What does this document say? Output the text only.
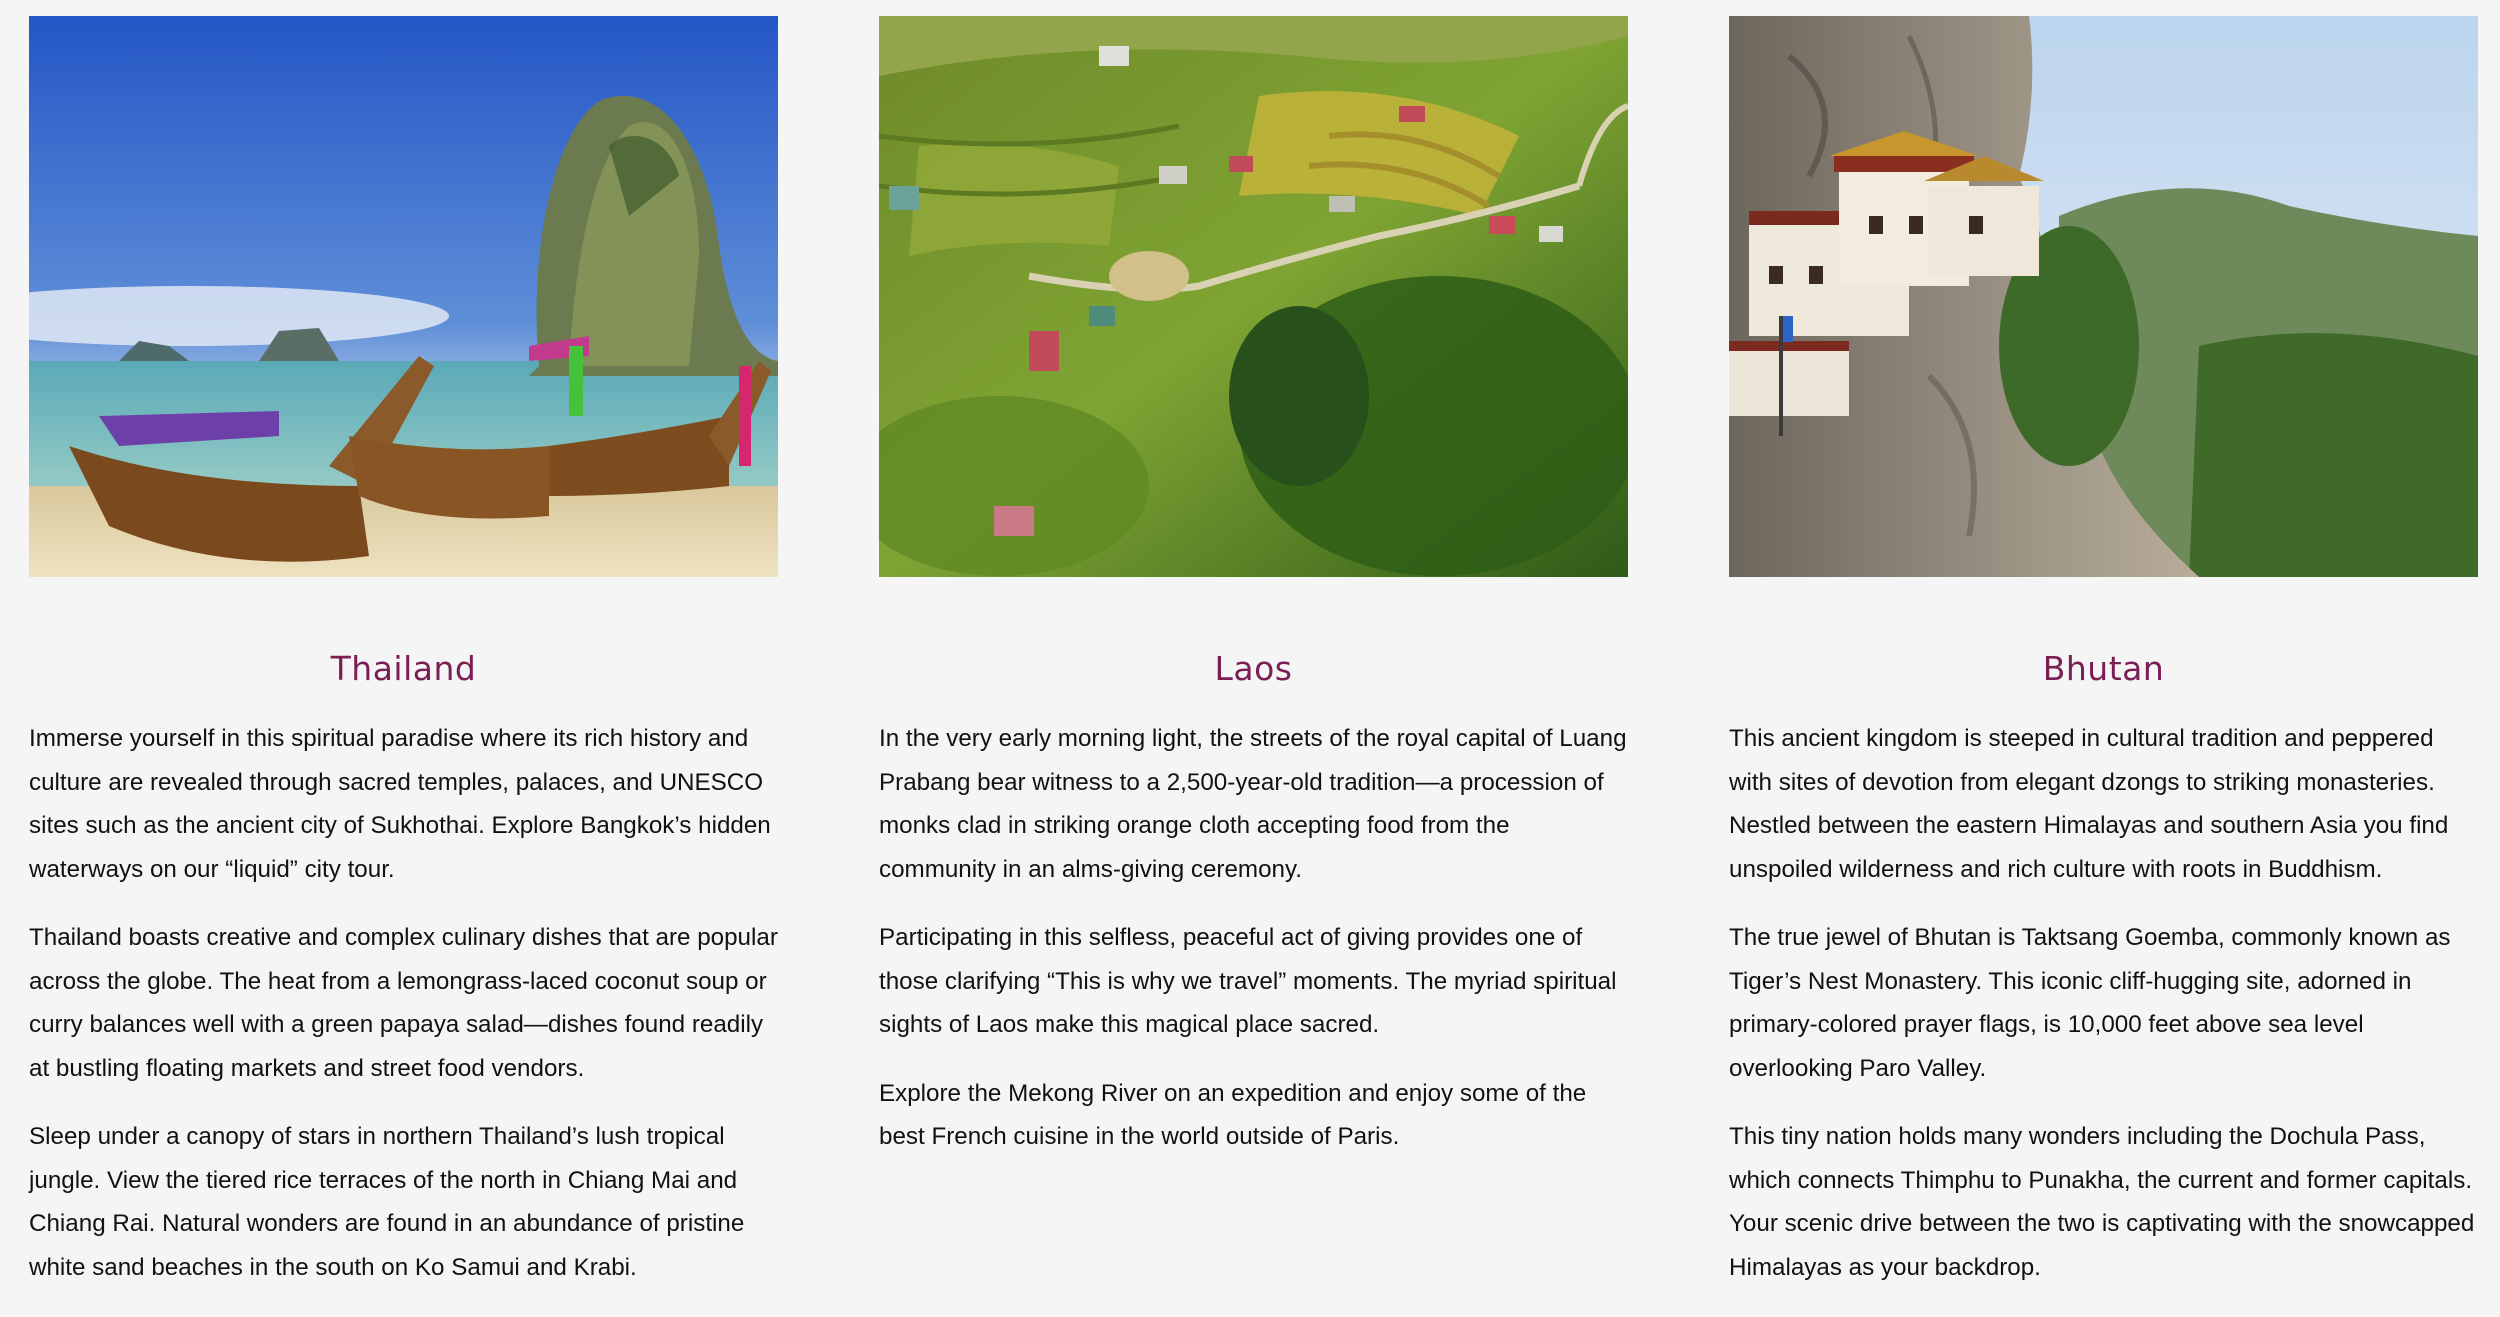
Thailand

Immerse yourself in this spiritual paradise where its rich history and culture are revealed through sacred temples, palaces, and UNESCO sites such as the ancient city of Sukhothai. Explore Bangkok’s hidden waterways on our “liquid” city tour.

Thailand boasts creative and complex culinary dishes that are popular across the globe. The heat from a lemongrass-laced coconut soup or curry balances well with a green papaya salad—dishes found readily at bustling floating markets and street food vendors.

Sleep under a canopy of stars in northern Thailand’s lush tropical jungle. View the tiered rice terraces of the north in Chiang Mai and Chiang Rai. Natural wonders are found in an abundance of pristine white sand beaches in the south on Ko Samui and Krabi.

Laos

In the very early morning light, the streets of the royal capital of Luang Prabang bear witness to a 2,500-year-old tradition—a procession of monks clad in striking orange cloth accepting food from the community in an alms-giving ceremony.

Participating in this selfless, peaceful act of giving provides one of those clarifying “This is why we travel” moments. The myriad spiritual sights of Laos make this magical place sacred.

Explore the Mekong River on an expedition and enjoy some of the best French cuisine in the world outside of Paris.

Bhutan

This ancient kingdom is steeped in cultural tradition and peppered with sites of devotion from elegant dzongs to striking monasteries. Nestled between the eastern Himalayas and southern Asia you find unspoiled wilderness and rich culture with roots in Buddhism.

The true jewel of Bhutan is Taktsang Goemba, commonly known as Tiger’s Nest Monastery. This iconic cliff-hugging site, adorned in primary-colored prayer flags, is 10,000 feet above sea level overlooking Paro Valley.

This tiny nation holds many wonders including the Dochula Pass, which connects Thimphu to Punakha, the current and former capitals. Your scenic drive between the two is captivating with the snowcapped Himalayas as your backdrop.
